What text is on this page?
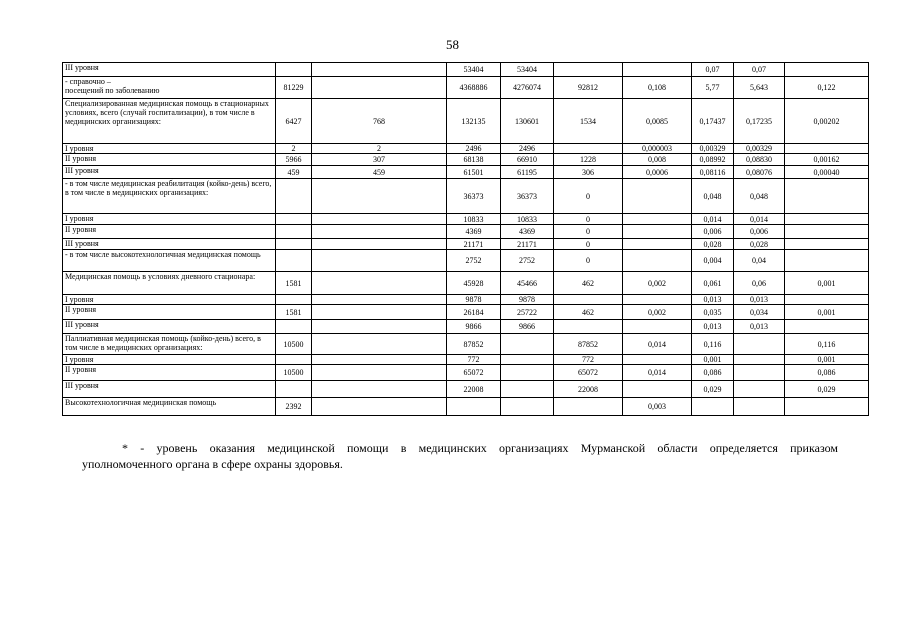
58
III уровня			53404	53404			0,07	0,07	
- справочно –
посещений по заболеванию	81229		4368886	4276074	92812	0,108	5,77	5,643	0,122
Специализированная медицинская помощь в стационарных условиях, всего (случай госпитализации), в том числе в медицинских организациях:	6427	768	132135	130601	1534	0,0085	0,17437	0,17235	0,00202
I уровня	2	2	2496	2496		0,000003	0,00329	0,00329	
II уровня	5966	307	68138	66910	1228	0,008	0,08992	0,08830	0,00162
III уровня	459	459	61501	61195	306	0,0006	0,08116	0,08076	0,00040
- в том числе медицинская реабилитация (койко-день) всего, в том числе в медицинских организациях:			36373	36373	0		0,048	0,048	
I уровня			10833	10833	0		0,014	0,014	
II уровня			4369	4369	0		0,006	0,006	
III уровня			21171	21171	0		0,028	0,028	
- в том числе высокотехнологичная медицинская помощь			2752	2752	0		0,004	0,04	
Медицинская помощь в условиях дневного стационара:	1581		45928	45466	462	0,002	0,061	0,06	0,001
I уровня			9878	9878			0,013	0,013	
II уровня	1581		26184	25722	462	0,002	0,035	0,034	0,001
III уровня			9866	9866			0,013	0,013	
Паллиативная медицинская помощь (койко-день) всего, в том числе в медицинских организациях:	10500		87852		87852	0,014	0,116		0,116
I уровня			772		772		0,001		0,001
II уровня	10500		65072		65072	0,014	0,086		0,086
III уровня			22008		22008		0,029		0,029
Высокотехнологичная медицинская помощь	2392					0,003			
* - уровень оказания медицинской помощи в медицинских организациях Мурманской области определяется приказом
уполномоченного органа в сфере охраны здоровья.
